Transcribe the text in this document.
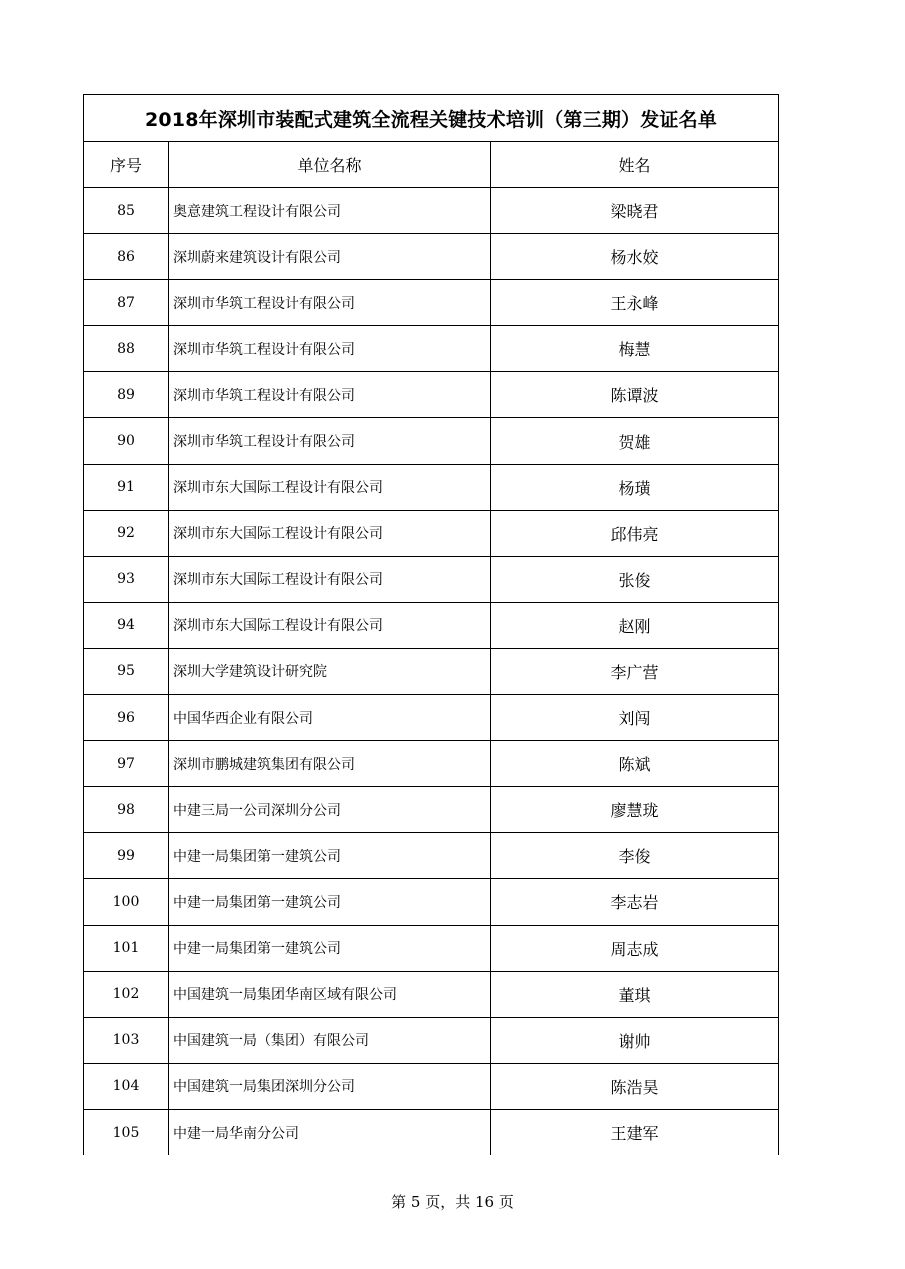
2018年深圳市装配式建筑全流程关键技术培训（第三期）发证名单		
序号	单位名称	姓名
85	奥意建筑工程设计有限公司	梁晓君
86	深圳蔚来建筑设计有限公司	杨水姣
87	深圳市华筑工程设计有限公司	王永峰
88	深圳市华筑工程设计有限公司	梅慧
89	深圳市华筑工程设计有限公司	陈谭波
90	深圳市华筑工程设计有限公司	贺雄
91	深圳市东大国际工程设计有限公司	杨璜
92	深圳市东大国际工程设计有限公司	邱伟亮
93	深圳市东大国际工程设计有限公司	张俊
94	深圳市东大国际工程设计有限公司	赵刚
95	深圳大学建筑设计研究院	李广营
96	中国华西企业有限公司	刘闯
97	深圳市鹏城建筑集团有限公司	陈斌
98	中建三局一公司深圳分公司	廖慧珑
99	中建一局集团第一建筑公司	李俊
100	中建一局集团第一建筑公司	李志岩
101	中建一局集团第一建筑公司	周志成
102	中国建筑一局集团华南区域有限公司	董琪
103	中国建筑一局（集团）有限公司	谢帅
104	中国建筑一局集团深圳分公司	陈浩昊
105	中建一局华南分公司	王建军
第 5 页，共 16 页
